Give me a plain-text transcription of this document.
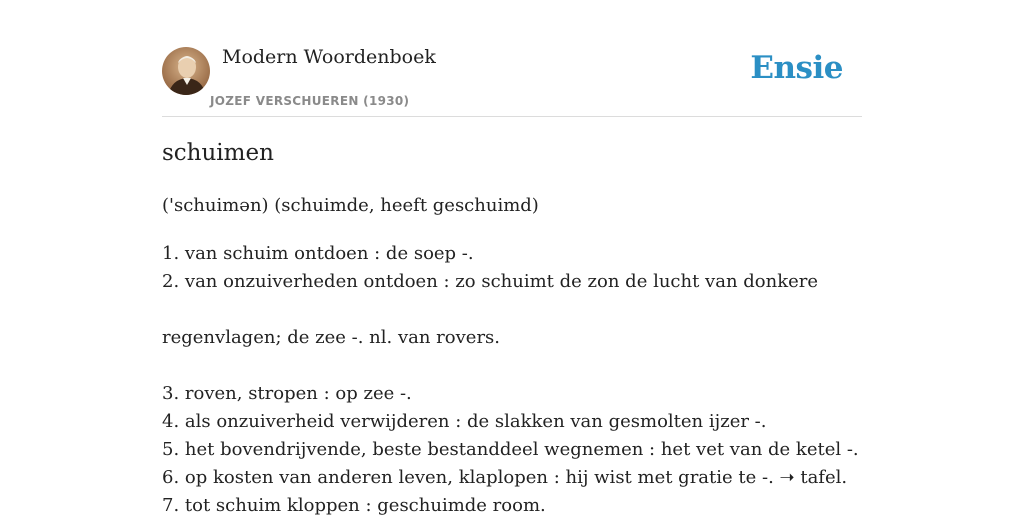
Modern Woordenboek
JOZEF VERSCHUEREN (1930)
Ensie
schuimen
('schuimən) (schuimde, heeft geschuimd)
1. van schuim ontdoen : de soep -.
2. van onzuiverheden ontdoen : zo schuimt de zon de lucht van donkere
regenvlagen; de zee -. nl. van rovers.
3. roven, stropen : op zee -.
4. als onzuiverheid verwijderen : de slakken van gesmolten ijzer -.
5. het bovendrijvende, beste bestanddeel wegnemen : het vet van de ketel -.
6. op kosten van anderen leven, klaplopen : hij wist met gratie te -. ➝ tafel.
7. tot schuim kloppen : geschuimde room.
